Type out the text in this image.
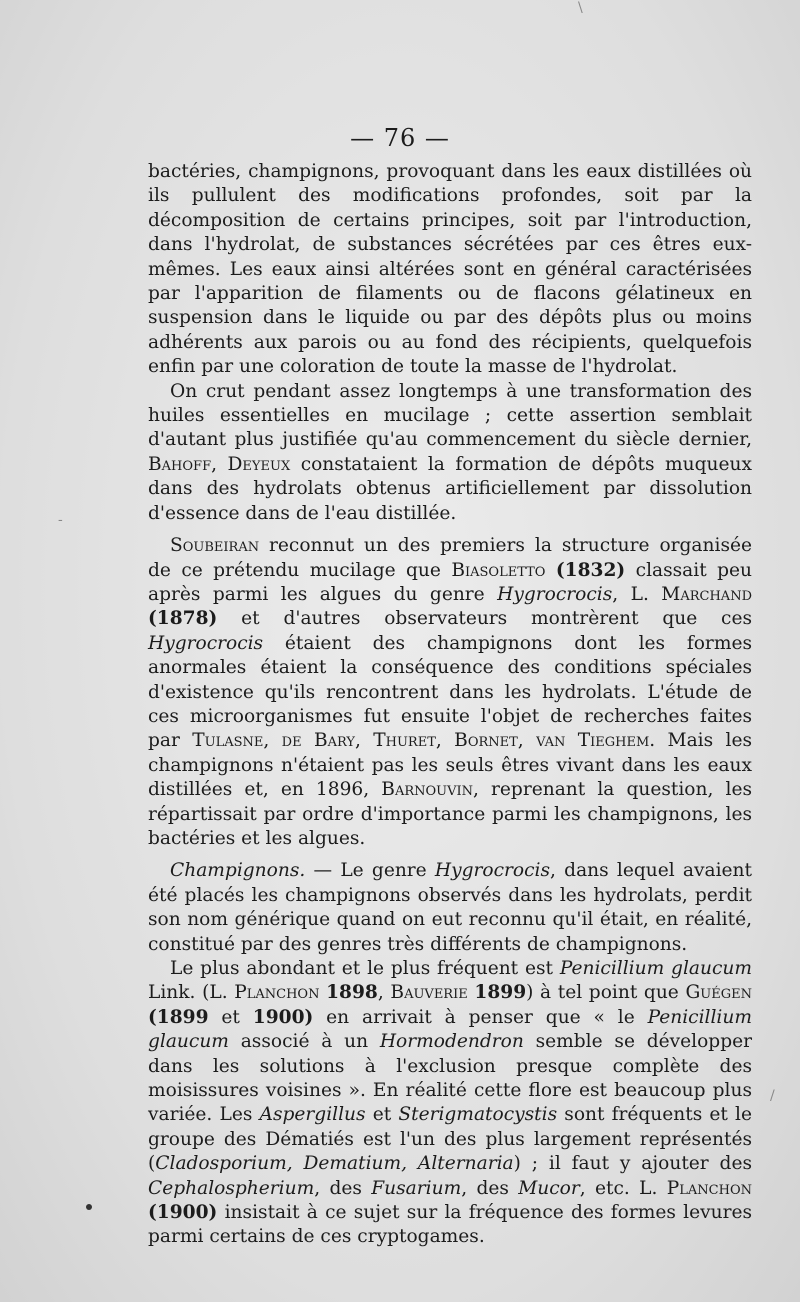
— 76 —

bactéries, champignons, provoquant dans les eaux distillées où ils pullulent des modifications profondes, soit par la décomposition de certains principes, soit par l'introduction, dans l'hydrolat, de substances sécrétées par ces êtres eux-mêmes. Les eaux ainsi altérées sont en général caractérisées par l'apparition de filaments ou de flacons gélatineux en suspension dans le liquide ou par des dépôts plus ou moins adhérents aux parois ou au fond des récipients, quelquefois enfin par une coloration de toute la masse de l'hydrolat.

On crut pendant assez longtemps à une transformation des huiles essentielles en mucilage ; cette assertion semblait d'autant plus justifiée qu'au commencement du siècle dernier, Bahoff, Deyeux constataient la formation de dépôts muqueux dans des hydrolats obtenus artificiellement par dissolution d'essence dans de l'eau distillée.

Soubeiran reconnut un des premiers la structure organisée de ce prétendu mucilage que Biasoletto (1832) classait peu après parmi les algues du genre Hygrocrocis, L. Marchand (1878) et d'autres observateurs montrèrent que ces Hygrocrocis étaient des champignons dont les formes anormales étaient la conséquence des conditions spéciales d'existence qu'ils rencontrent dans les hydrolats. L'étude de ces microorganismes fut ensuite l'objet de recherches faites par Tulasne, de Bary, Thuret, Bornet, van Tieghem. Mais les champignons n'étaient pas les seuls êtres vivant dans les eaux distillées et, en 1896, Barnouvin, reprenant la question, les répartissait par ordre d'importance parmi les champignons, les bactéries et les algues.

Champignons. — Le genre Hygrocrocis, dans lequel avaient été placés les champignons observés dans les hydrolats, perdit son nom générique quand on eut reconnu qu'il était, en réalité, constitué par des genres très différents de champignons.

Le plus abondant et le plus fréquent est Penicillium glaucum Link. (L. Planchon 1898, Bauverie 1899) à tel point que Guégen (1899 et 1900) en arrivait à penser que « le Penicillium glaucum associé à un Hormodendron semble se développer dans les solutions à l'exclusion presque complète des moisissures voisines ». En réalité cette flore est beaucoup plus variée. Les Aspergillus et Sterigmatocystis sont fréquents et le groupe des Dématiés est l'un des plus largement représentés (Cladosporium, Dematium, Alternaria) ; il faut y ajouter des Cephalospherium, des Fusarium, des Mucor, etc. L. Planchon (1900) insistait à ce sujet sur la fréquence des formes levures parmi certains de ces cryptogames.

\
-
/
